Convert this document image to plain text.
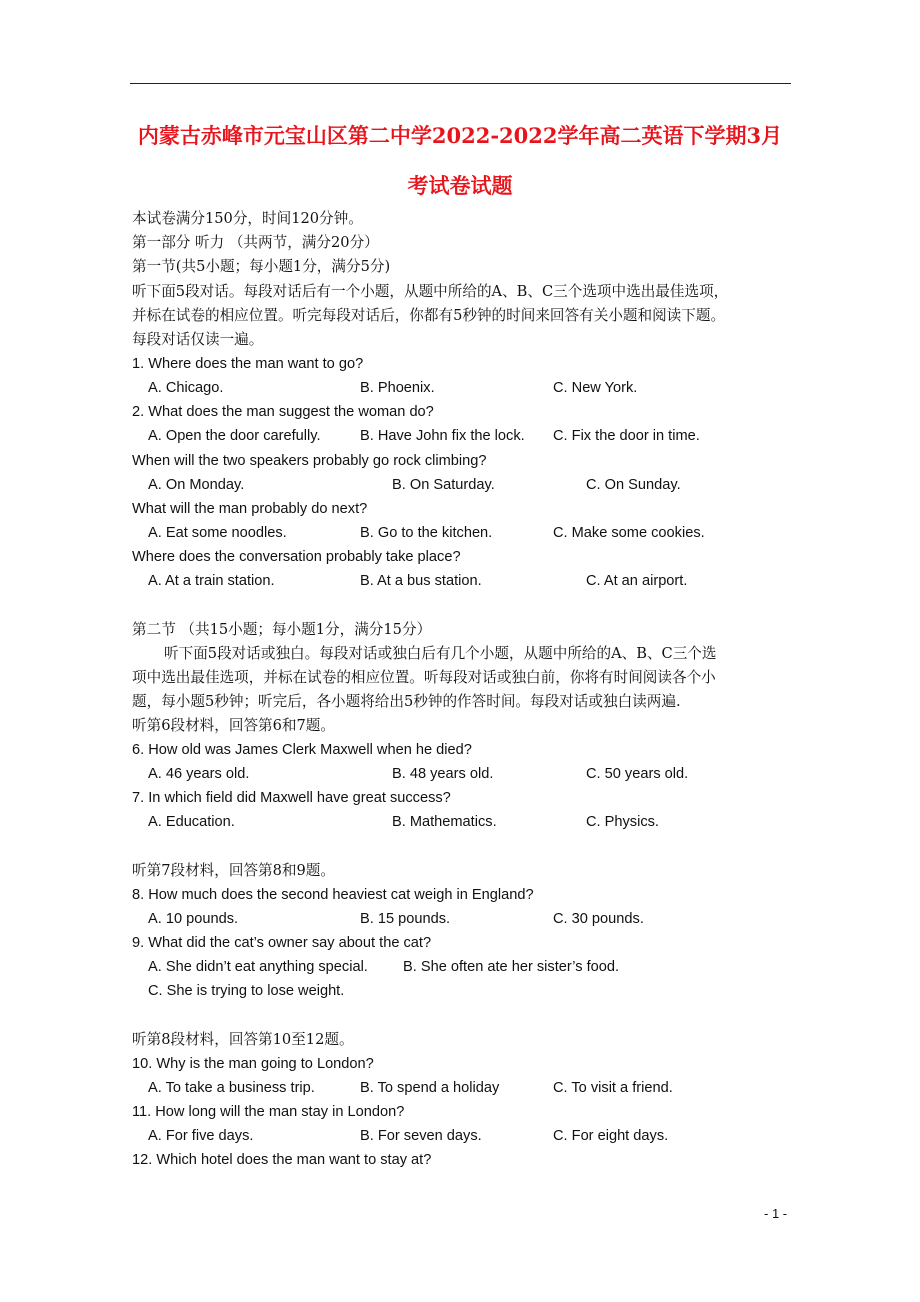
内蒙古赤峰市元宝山区第二中学2022-2022学年高二英语下学期3月
考试卷试题
本试卷满分150分，时间120分钟。
第一部分 听力 （共两节，满分20分）
第一节(共5小题；每小题1分，满分5分)
听下面5段对话。每段对话后有一个小题，从题中所给的A、B、C三个选项中选出最佳选项，
并标在试卷的相应位置。听完每段对话后，你都有5秒钟的时间来回答有关小题和阅读下题。
每段对话仅读一遍。
1. Where does the man want to go?
A. Chicago.	B. Phoenix.	C. New York.
2. What does the man suggest the woman do?
A. Open the door carefully.	B. Have John fix the lock. C. Fix the door in time.
When will the two speakers probably go rock climbing?
A. On Monday.	B. On Saturday.	C. On Sunday.
What will the man probably do next?
A. Eat some noodles.	B. Go to the kitchen.	C. Make some cookies.
Where does the conversation probably take place?
A. At a train station.	B. At a bus station.	C. At an airport.
第二节 （共15小题；每小题1分，满分15分）
听下面5段对话或独白。每段对话或独白后有几个小题，从题中所给的A、B、C三个选
项中选出最佳选项，并标在试卷的相应位置。听每段对话或独白前，你将有时间阅读各个小
题，每小题5秒钟；听完后，各小题将给出5秒钟的作答时间。每段对话或独白读两遍.
听第6段材料，回答第6和7题。
6. How old was James Clerk Maxwell when he died?
A. 46 years old.	B. 48 years old.	C. 50 years old.
7. In which field did Maxwell have great success?
A. Education.	B. Mathematics.	C. Physics.
听第7段材料，回答第8和9题。
8. How much does the second heaviest cat weigh in England?
A. 10 pounds.	B. 15 pounds.	C. 30 pounds.
9. What did the cat’s owner say about the cat?
A. She didn’t eat anything special. B. She often ate her sister’s food.
C. She is trying to lose weight.
听第8段材料，回答第10至12题。
10. Why is the man going to London?
A. To take a business trip.	B. To spend a holiday	C. To visit a friend.
11. How long will the man stay in London?
A. For five days.	B. For seven days.	C. For eight days.
12. Which hotel does the man want to stay at?
- 1 -
